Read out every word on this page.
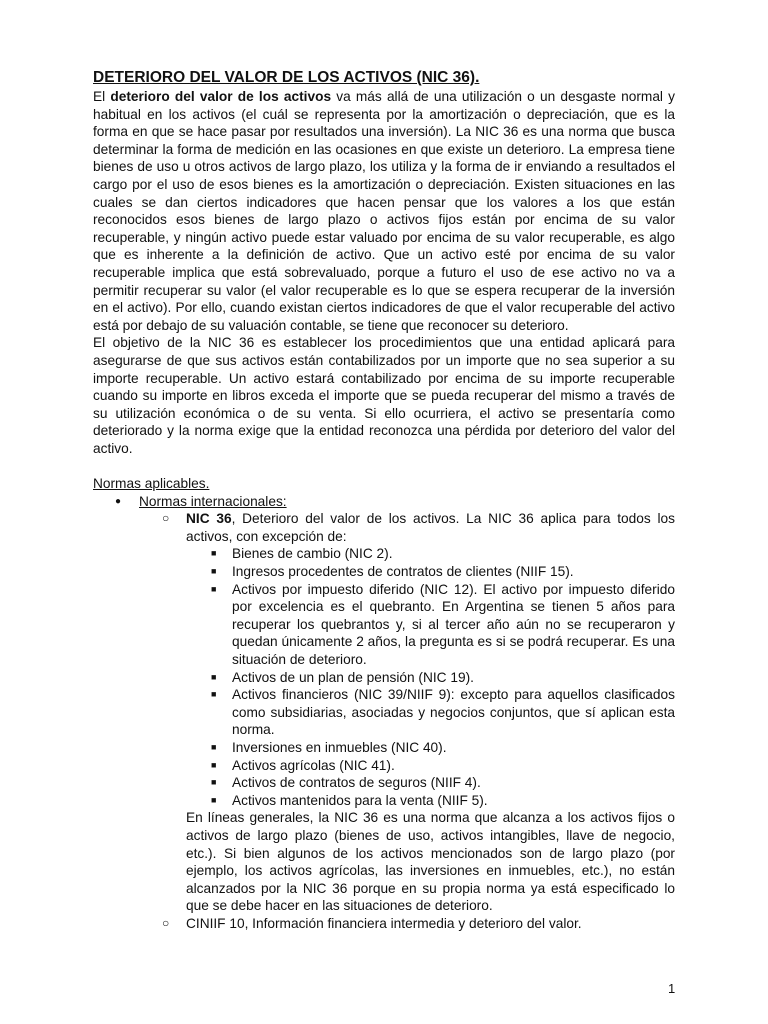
DETERIORO DEL VALOR DE LOS ACTIVOS (NIC 36).

El deterioro del valor de los activos va más allá de una utilización o un desgaste normal y habitual en los activos (el cuál se representa por la amortización o depreciación, que es la forma en que se hace pasar por resultados una inversión). La NIC 36 es una norma que busca determinar la forma de medición en las ocasiones en que existe un deterioro. La empresa tiene bienes de uso u otros activos de largo plazo, los utiliza y la forma de ir enviando a resultados el cargo por el uso de esos bienes es la amortización o depreciación. Existen situaciones en las cuales se dan ciertos indicadores que hacen pensar que los valores a los que están reconocidos esos bienes de largo plazo o activos fijos están por encima de su valor recuperable, y ningún activo puede estar valuado por encima de su valor recuperable, es algo que es inherente a la definición de activo. Que un activo esté por encima de su valor recuperable implica que está sobrevaluado, porque a futuro el uso de ese activo no va a permitir recuperar su valor (el valor recuperable es lo que se espera recuperar de la inversión en el activo). Por ello, cuando existan ciertos indicadores de que el valor recuperable del activo está por debajo de su valuación contable, se tiene que reconocer su deterioro.

El objetivo de la NIC 36 es establecer los procedimientos que una entidad aplicará para asegurarse de que sus activos están contabilizados por un importe que no sea superior a su importe recuperable. Un activo estará contabilizado por encima de su importe recuperable cuando su importe en libros exceda el importe que se pueda recuperar del mismo a través de su utilización económica o de su venta. Si ello ocurriera, el activo se presentaría como deteriorado y la norma exige que la entidad reconozca una pérdida por deterioro del valor del activo.

Normas aplicables.

● Normas internacionales:
○ NIC 36, Deterioro del valor de los activos. La NIC 36 aplica para todos los activos, con excepción de:
■ Bienes de cambio (NIC 2).
■ Ingresos procedentes de contratos de clientes (NIIF 15).
■ Activos por impuesto diferido (NIC 12). El activo por impuesto diferido por excelencia es el quebranto. En Argentina se tienen 5 años para recuperar los quebrantos y, si al tercer año aún no se recuperaron y quedan únicamente 2 años, la pregunta es si se podrá recuperar. Es una situación de deterioro.
■ Activos de un plan de pensión (NIC 19).
■ Activos financieros (NIC 39/NIIF 9): excepto para aquellos clasificados como subsidiarias, asociadas y negocios conjuntos, que sí aplican esta norma.
■ Inversiones en inmuebles (NIC 40).
■ Activos agrícolas (NIC 41).
■ Activos de contratos de seguros (NIIF 4).
■ Activos mantenidos para la venta (NIIF 5).

En líneas generales, la NIC 36 es una norma que alcanza a los activos fijos o activos de largo plazo (bienes de uso, activos intangibles, llave de negocio, etc.). Si bien algunos de los activos mencionados son de largo plazo (por ejemplo, los activos agrícolas, las inversiones en inmuebles, etc.), no están alcanzados por la NIC 36 porque en su propia norma ya está especificado lo que se debe hacer en las situaciones de deterioro.

○ CINIIF 10, Información financiera intermedia y deterioro del valor.
1
